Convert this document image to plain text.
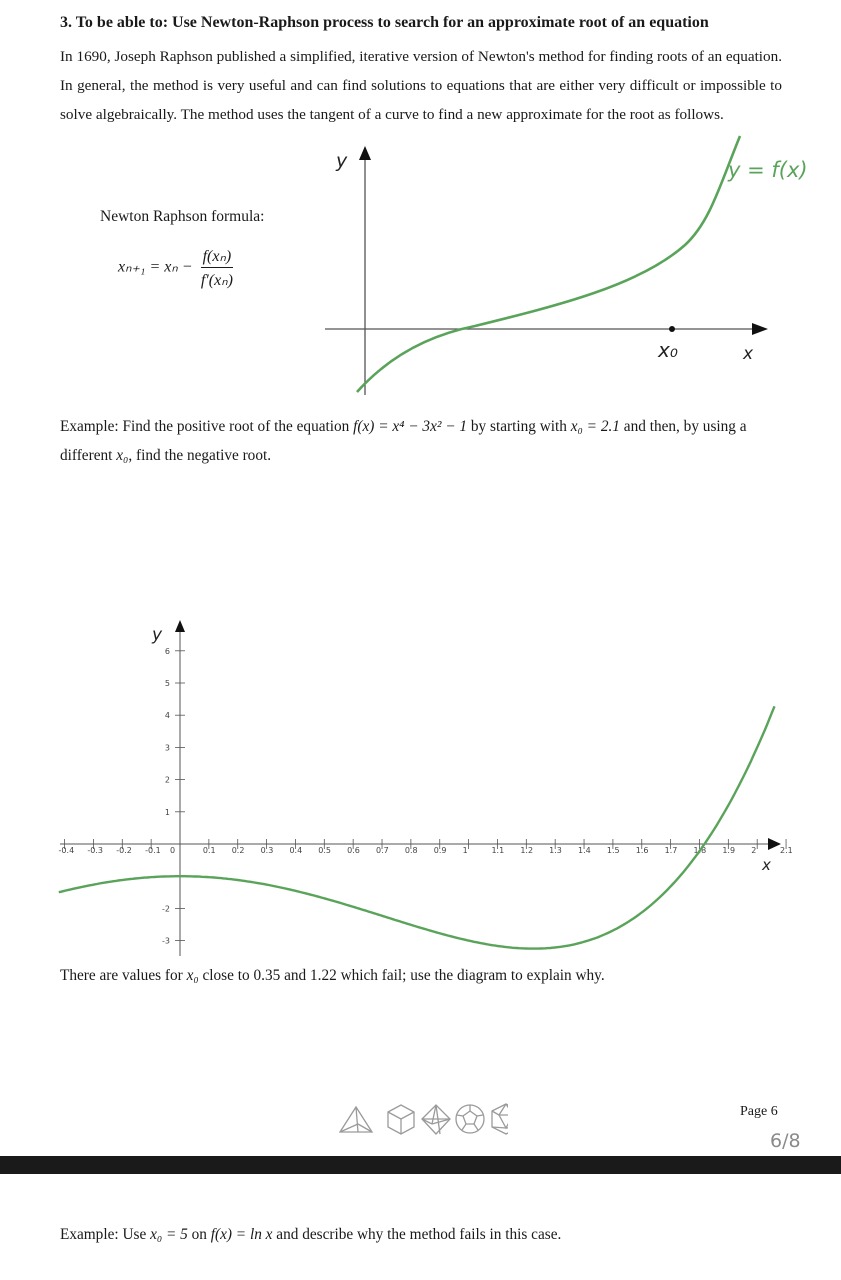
3. To be able to: Use Newton-Raphson process to search for an approximate root of an equation
In 1690, Joseph Raphson published a simplified, iterative version of Newton's method for finding roots of an equation. In general, the method is very useful and can find solutions to equations that are either very difficult or impossible to solve algebraically. The method uses the tangent of a curve to find a new approximate for the root as follows.
Newton Raphson formula:
$x_{n+1} = x_n - \frac{\text{f(xₙ)}}{\text{f′(xₙ)}}$
y
x
x₀
y = f(x)
Example: Find the positive root of the equation f(x) = x⁴ − 3x² − 1 by starting with x₀ = 2.1 and then, by using a different x₀, find the negative root.
y
x
-0.4 -0.3 -0.2 -0.1 0	0.1 0.2 0.3 0.4 0.5 0.6 0.7 0.8 0.9 1	1.1 1.2 1.3 1.4 1.5 1.6 1.7 1.8 1.9 2	2.1
6
5
4
3
2
1
-2
-3
There are values for x₀ close to 0.35 and 1.22 which fail; use the diagram to explain why.
Page 6
6/8
Example: Use x₀ = 5 on f(x) = ln x and describe why the method fails in this case.
